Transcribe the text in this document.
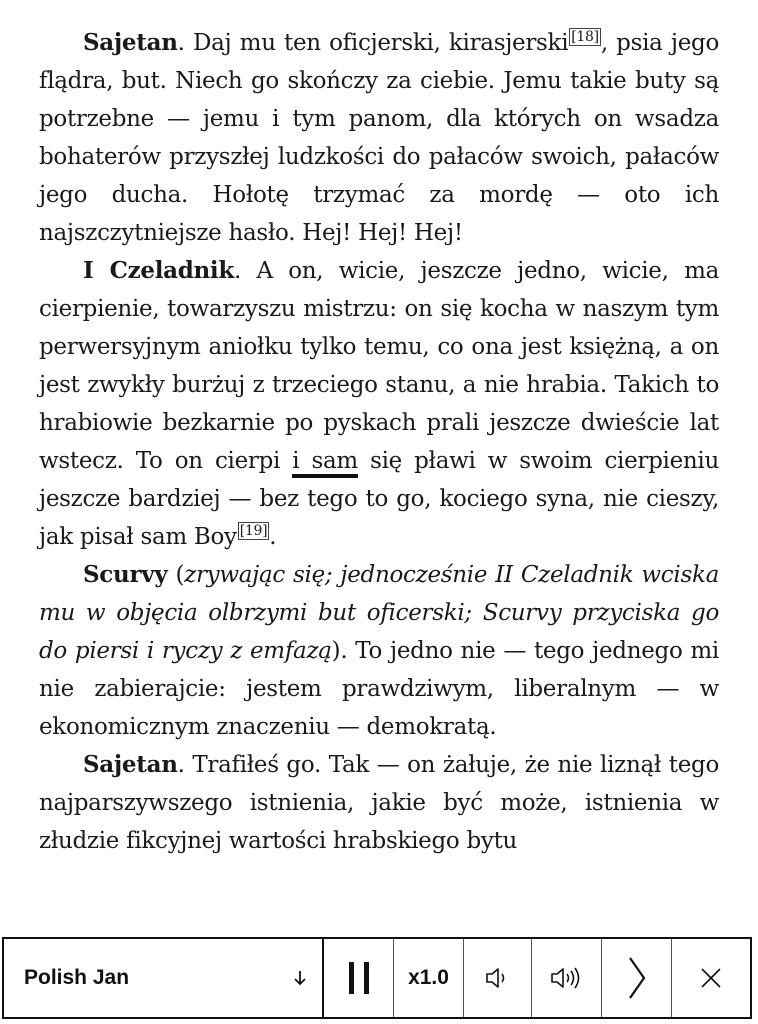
Sajetan. Daj mu ten oficjerski, kirasjerski [18], psia jego flądra, but. Niech go skończy za ciebie. Jemu takie buty są potrzebne — jemu i tym panom, dla których on wsadza bohaterów przyszłej ludzkości do pałaców swoich, pałaców jego ducha. Hołotę trzymać za mordę — oto ich najszczytniejsze hasło. Hej! Hej! Hej!

I Czeladnik. A on, wicie, jeszcze jedno, wicie, ma cierpienie, towarzyszu mistrzu: on się kocha w naszym tym perwersyjnym aniołku tylko temu, co ona jest księżną, a on jest zwykły burżuj z trzeciego stanu, a nie hrabia. Takich to hrabiowie bezkarnie po pyskach prali jeszcze dwieście lat wstecz. To on cierpi i sam się pławi w swoim cierpieniu jeszcze bardziej — bez tego to go, kociego syna, nie cieszy, jak pisał sam Boy [19].

Scurvy (zrywając się; jednocześnie II Czeladnik wciska mu w objęcia olbrzymi but oficerski; Scurvy przyciska go do piersi i ryczy z emfazą). To jedno nie — tego jednego mi nie zabierajcie: jestem prawdziwym, liberalnym — w ekonomicznym znaczeniu — demokratą.

Sajetan. Trafiłeś go. Tak — on żałuje, że nie liznął tego najparszywszego istnienia, jakie być może, istnienia w złudzie fikcyjnej wartości hrabskiego bytu

Polish Jan	x1.0
